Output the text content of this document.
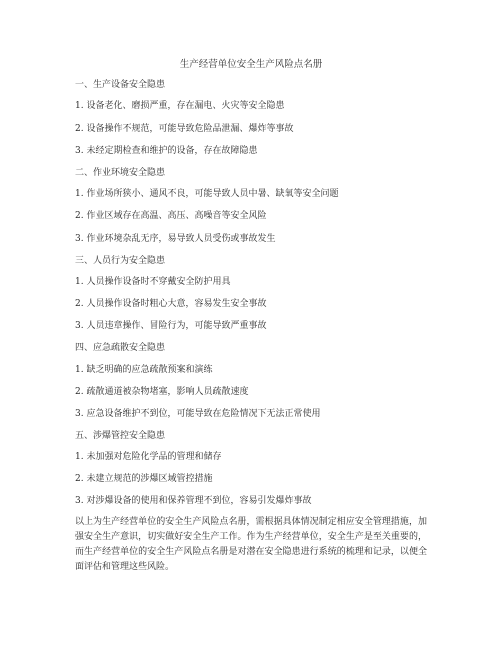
生产经营单位安全生产风险点名册
一、生产设备安全隐患
1. 设备老化、磨损严重，存在漏电、火灾等安全隐患
2. 设备操作不规范，可能导致危险品泄漏、爆炸等事故
3. 未经定期检查和维护的设备，存在故障隐患
二、作业环境安全隐患
1. 作业场所狭小、通风不良，可能导致人员中暑、缺氧等安全问题
2. 作业区域存在高温、高压、高噪音等安全风险
3. 作业环境杂乱无序，易导致人员受伤或事故发生
三、人员行为安全隐患
1. 人员操作设备时不穿戴安全防护用具
2. 人员操作设备时粗心大意，容易发生安全事故
3. 人员违章操作、冒险行为，可能导致严重事故
四、应急疏散安全隐患
1. 缺乏明确的应急疏散预案和演练
2. 疏散通道被杂物堵塞，影响人员疏散速度
3. 应急设备维护不到位，可能导致在危险情况下无法正常使用
五、涉爆管控安全隐患
1. 未加强对危险化学品的管理和储存
2. 未建立规范的涉爆区域管控措施
3. 对涉爆设备的使用和保养管理不到位，容易引发爆炸事故
以上为生产经营单位的安全生产风险点名册，需根据具体情况制定相应安全管理措施，加强安全生产意识，切实做好安全生产工作。作为生产经营单位，安全生产是至关重要的，而生产经营单位的安全生产风险点名册是对潜在安全隐患进行系统的梳理和记录，以便全面评估和管理这些风险。
